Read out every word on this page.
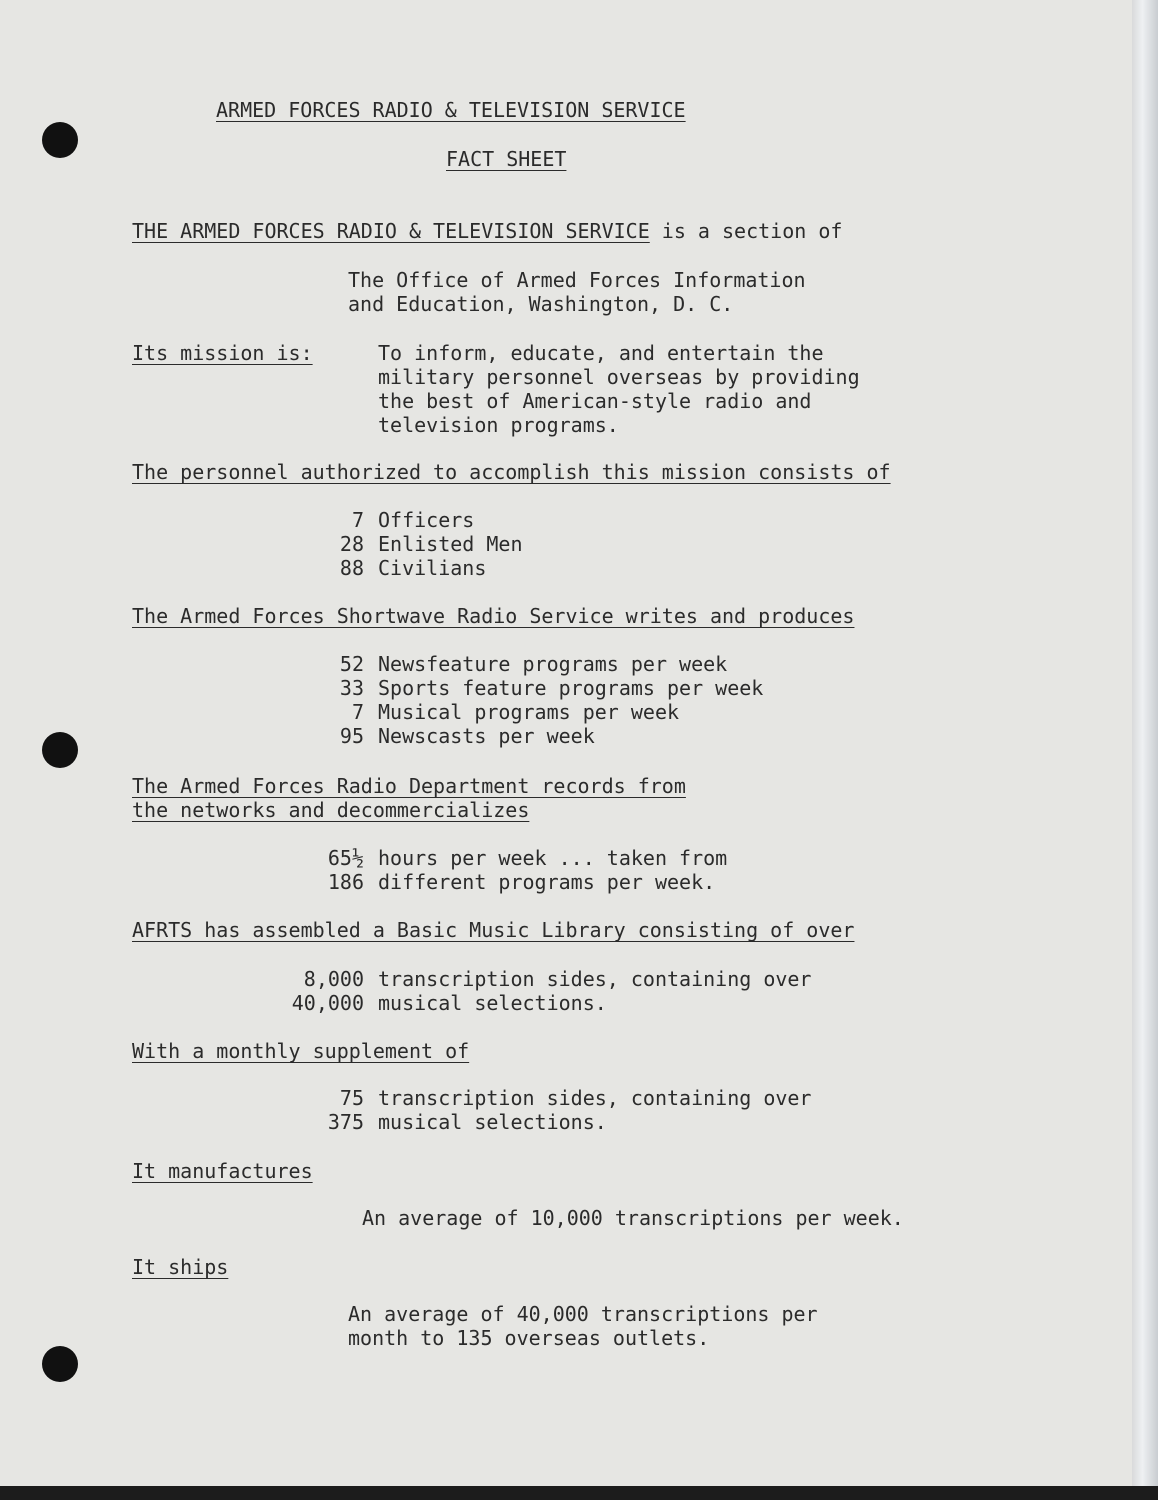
ARMED FORCES RADIO & TELEVISION SERVICE

FACT SHEET

THE ARMED FORCES RADIO & TELEVISION SERVICE is a section of

The Office of Armed Forces Information

and Education, Washington, D. C.

Its mission is:	To inform, educate, and entertain the

military personnel overseas by providing

the best of American-style radio and

television programs.

The personnel authorized to accomplish this mission consists of

7 Officers
28 Enlisted Men
88 Civilians

The Armed Forces Shortwave Radio Service writes and produces

52 Newsfeature programs per week
33 Sports feature programs per week
7 Musical programs per week
95 Newscasts per week

The Armed Forces Radio Department records from

the networks and decommercializes

65½ hours per week ... taken from
186 different programs per week.

AFRTS has assembled a Basic Music Library consisting of over

8,000 transcription sides, containing over
40,000 musical selections.

With a monthly supplement of

75 transcription sides, containing over
375 musical selections.

It manufactures

An average of 10,000 transcriptions per week.

It ships

An average of 40,000 transcriptions per

month to 135 overseas outlets.
